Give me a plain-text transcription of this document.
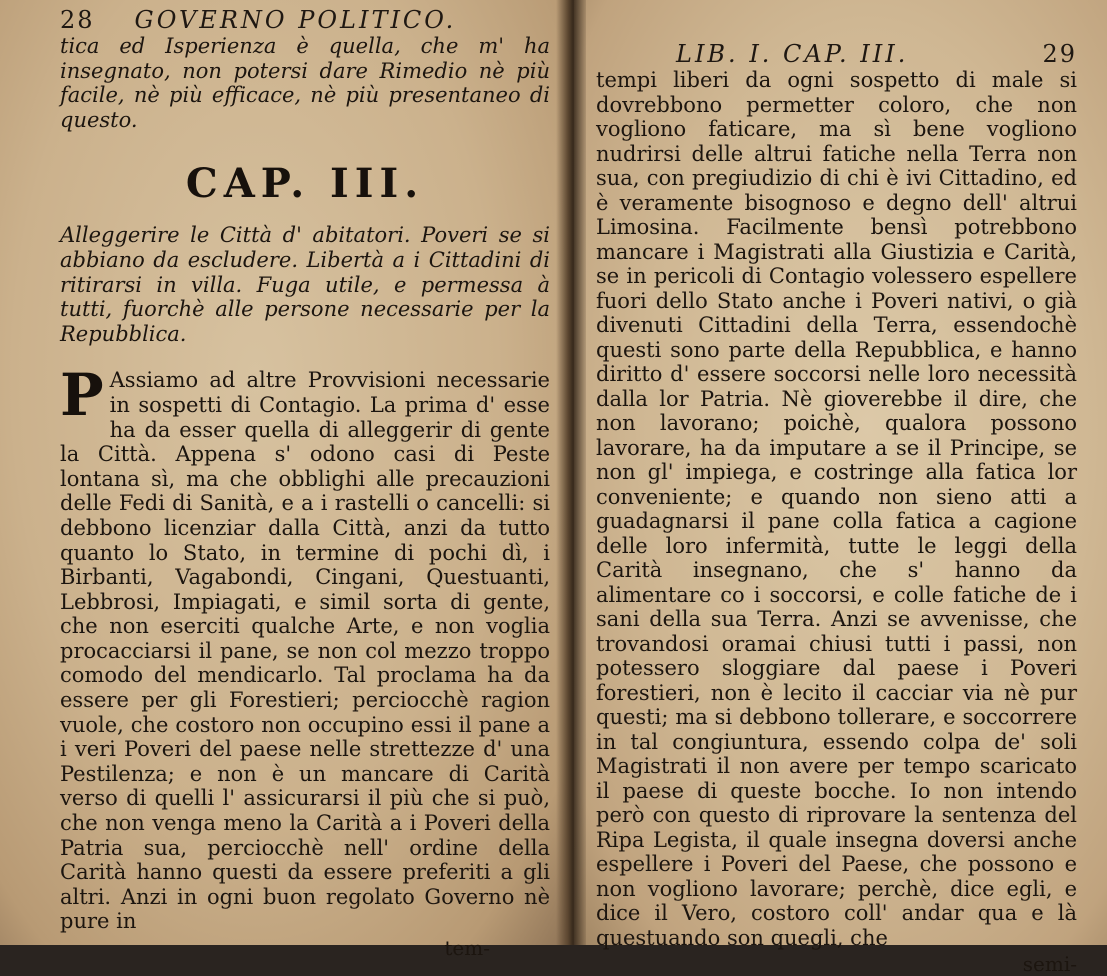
28 GOVERNO POLITICO.

tica ed Isperienza è quella, che m' ha insegnato, non potersi dare Rimedio nè più facile, nè più efficace, nè più presentaneo di questo.

CAP. III.

Alleggerire le Città d' abitatori. Poveri se si abbiano da escludere. Libertà a i Cittadini di ritirarsi in villa. Fuga utile, e permessa à tutti, fuorchè alle persone necessarie per la Repubblica.

P Assiamo ad altre Provvisioni necessarie in sospetti di Contagio. La prima d' esse ha da esser quella di alleggerir di gente la Città. Appena s' odono casi di Peste lontana sì, ma che obblighi alle precauzioni delle Fedi di Sanità, e a i rastelli o cancelli: si debbono licenziar dalla Città, anzi da tutto quanto lo Stato, in termine di pochi dì, i Birbanti, Vagabondi, Cingani, Questuanti, Lebbrosi, Impiagati, e simil sorta di gente, che non eserciti qualche Arte, e non voglia procacciarsi il pane, se non col mezzo troppo comodo del mendicarlo. Tal proclama ha da essere per gli Forestieri; perciocchè ragion vuole, che costoro non occupino essi il pane a i veri Poveri del paese nelle strettezze d' una Pestilenza; e non è un mancare di Carità verso di quelli l' assicurarsi il più che si può, che non venga meno la Carità a i Poveri della Patria sua, perciocchè nell' ordine della Carità hanno questi da essere preferiti a gli altri. Anzi in ogni buon regolato Governo nè pure in

tem-
LIB. I. CAP. III.	29

tempi liberi da ogni sospetto di male si dovrebbono permetter coloro, che non vogliono faticare, ma sì bene vogliono nudrirsi delle altrui fatiche nella Terra non sua, con pregiudizio di chi è ivi Cittadino, ed è veramente bisognoso e degno dell' altrui Limosina. Facilmente bensì potrebbono mancare i Magistrati alla Giustizia e Carità, se in pericoli di Contagio volessero espellere fuori dello Stato anche i Poveri nativi, o già divenuti Cittadini della Terra, essendochè questi sono parte della Repubblica, e hanno diritto d' essere soccorsi nelle loro necessità dalla lor Patria. Nè gioverebbe il dire, che non lavorano; poichè, qualora possono lavorare, ha da imputare a se il Principe, se non gl' impiega, e costringe alla fatica lor conveniente; e quando non sieno atti a guadagnarsi il pane colla fatica a cagione delle loro infermità, tutte le leggi della Carità insegnano, che s' hanno da alimentare co i soccorsi, e colle fatiche de i sani della sua Terra. Anzi se avvenisse, che trovandosi oramai chiusi tutti i passi, non potessero sloggiare dal paese i Poveri forestieri, non è lecito il cacciar via nè pur questi; ma si debbono tollerare, e soccorrere in tal congiuntura, essendo colpa de' soli Magistrati il non avere per tempo scaricato il paese di queste bocche. Io non intendo però con questo di riprovare la sentenza del Ripa Legista, il quale insegna doversi anche espellere i Poveri del Paese, che possono e non vogliono lavorare; perchè, dice egli, e dice il Vero, costoro coll' andar qua e là questuando son quegli, che

semi-
